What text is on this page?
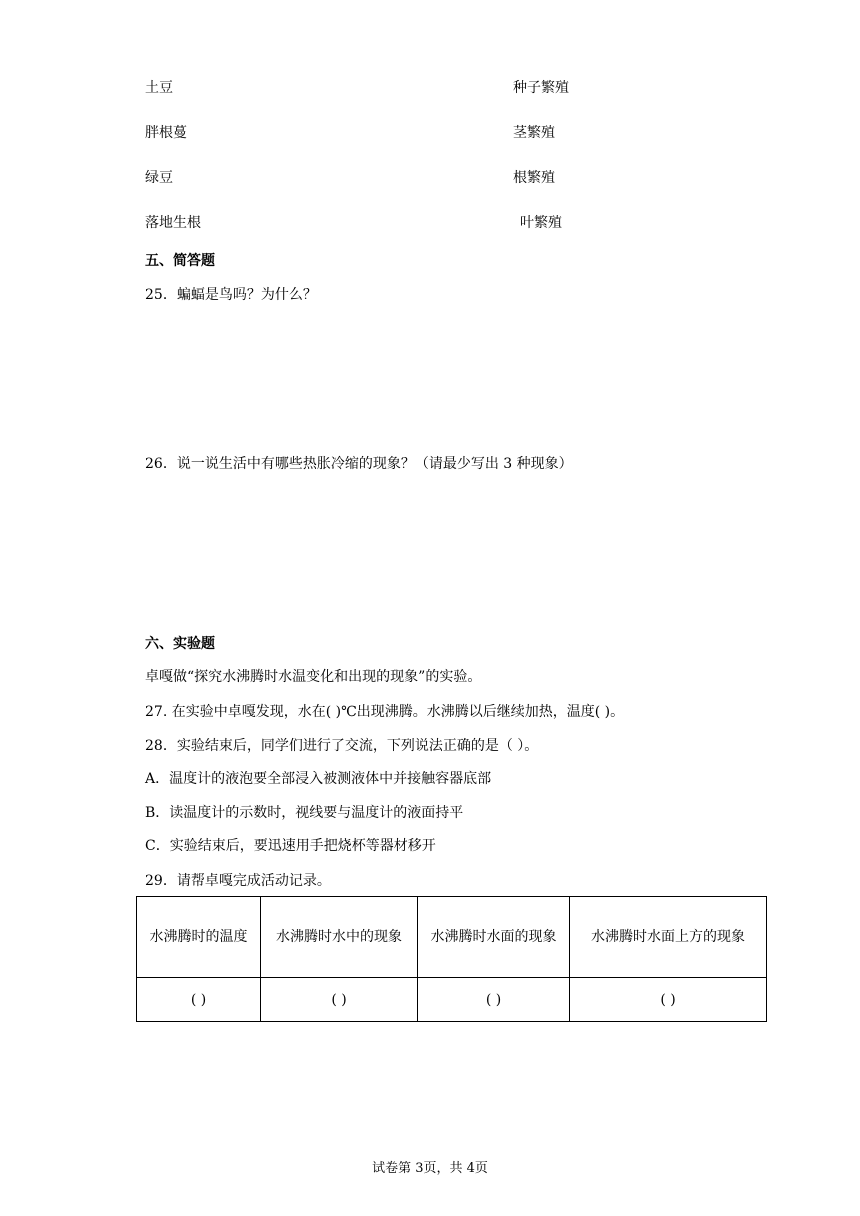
土豆	种子繁殖
胖根蔓	茎繁殖
绿豆	根繁殖
落地生根	叶繁殖
五、简答题
25．蝙蝠是鸟吗？为什么？
26．说一说生活中有哪些热胀冷缩的现象？（请最少写出 3 种现象）
六、实验题
卓嘎做“探究水沸腾时水温变化和出现的现象”的实验。
27. 在实验中卓嘎发现，水在( )℃出现沸腾。水沸腾以后继续加热，温度( )。
28．实验结束后，同学们进行了交流，下列说法正确的是（ ）。
A．温度计的液泡要全部浸入被测液体中并接触容器底部
B．读温度计的示数时，视线要与温度计的液面持平
C．实验结束后，要迅速用手把烧杯等器材移开
29．请帮卓嘎完成活动记录。
水沸腾时的温度	水沸腾时水中的现象	水沸腾时水面的现象	水沸腾时水面上方的现象
( )	( )	( )	( )
试卷第 3页，共 4页
